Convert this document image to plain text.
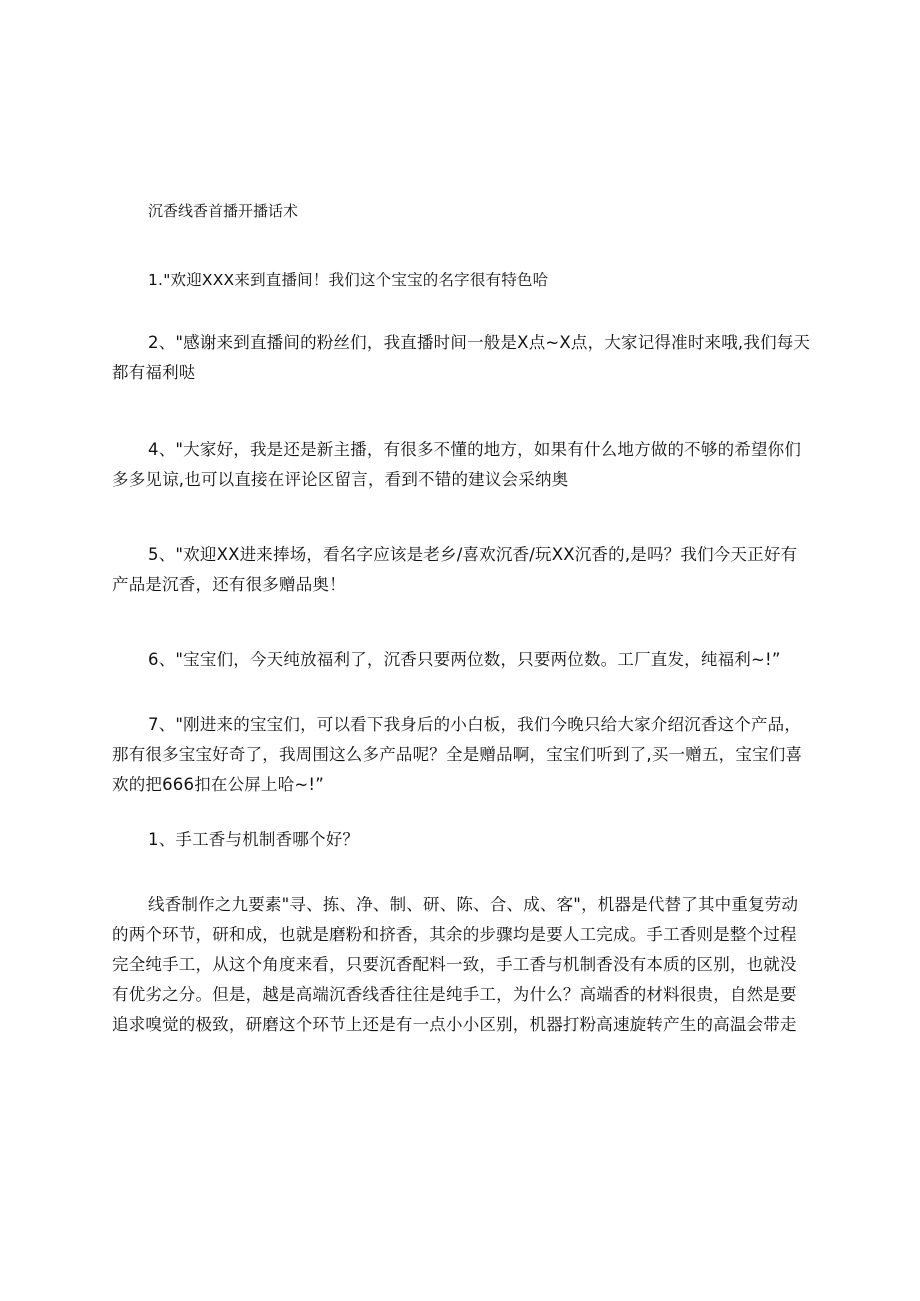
沉香线香首播开播话术
1."欢迎XXX来到直播间！我们这个宝宝的名字很有特色哈
2、"感谢来到直播间的粉丝们，我直播时间一般是X点~X点，大家记得准时来哦,我们每天都有福利哒
4、"大家好，我是还是新主播，有很多不懂的地方，如果有什么地方做的不够的希望你们多多见谅,也可以直接在评论区留言，看到不错的建议会采纳奥
5、"欢迎XX进来捧场，看名字应该是老乡/喜欢沉香/玩XX沉香的,是吗？我们今天正好有产品是沉香，还有很多赠品奥！
6、"宝宝们，今天纯放福利了，沉香只要两位数，只要两位数。工厂直发，纯福利~!”
7、"刚进来的宝宝们，可以看下我身后的小白板，我们今晚只给大家介绍沉香这个产品，那有很多宝宝好奇了，我周围这么多产品呢？全是赠品啊，宝宝们听到了,买一赠五，宝宝们喜欢的把666扣在公屏上哈~!”
1、手工香与机制香哪个好？
线香制作之九要素"寻、拣、净、制、研、陈、合、成、客"，机器是代替了其中重复劳动的两个环节，研和成，也就是磨粉和挤香，其余的步骤均是要人工完成。手工香则是整个过程完全纯手工，从这个角度来看，只要沉香配料一致，手工香与机制香没有本质的区别，也就没有优劣之分。但是，越是高端沉香线香往往是纯手工，为什么？高端香的材料很贵，自然是要追求嗅觉的极致，研磨这个环节上还是有一点小小区别，机器打粉高速旋转产生的高温会带走
